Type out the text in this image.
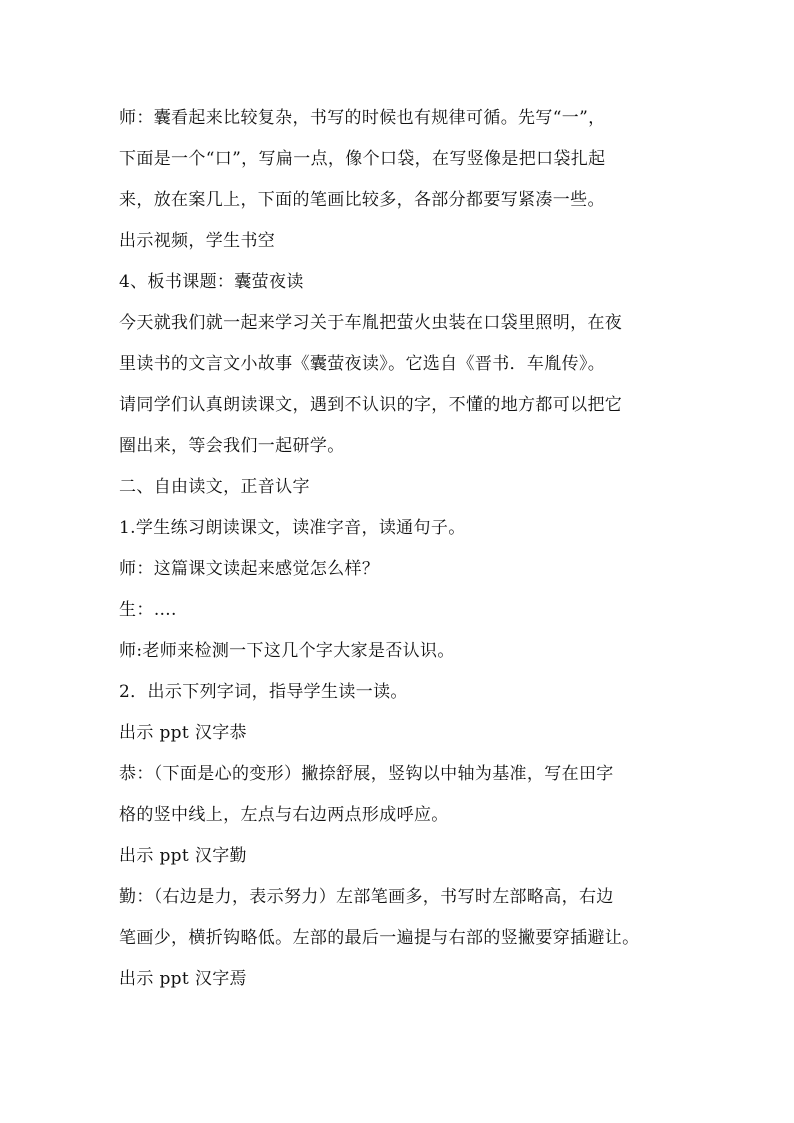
师：囊看起来比较复杂，书写的时候也有规律可循。先写“一”，
下面是一个“口”，写扁一点，像个口袋，在写竖像是把口袋扎起
来，放在案几上，下面的笔画比较多，各部分都要写紧凑一些。
出示视频，学生书空
4、板书课题：囊萤夜读
今天就我们就一起来学习关于车胤把萤火虫装在口袋里照明，在夜
里读书的文言文小故事《囊萤夜读》。它选自《晋书．车胤传》。
请同学们认真朗读课文，遇到不认识的字，不懂的地方都可以把它
圈出来，等会我们一起研学。
二、自由读文，正音认字
1.学生练习朗读课文，读准字音，读通句子。
师：这篇课文读起来感觉怎么样？
生：….
师:老师来检测一下这几个字大家是否认识。
2．出示下列字词，指导学生读一读。
出示 ppt 汉字恭
恭：（下面是心的变形）撇捺舒展，竖钩以中轴为基准，写在田字
格的竖中线上，左点与右边两点形成呼应。
出示 ppt 汉字勤
勤：（右边是力，表示努力）左部笔画多，书写时左部略高，右边
笔画少，横折钩略低。左部的最后一遍提与右部的竖撇要穿插避让。
出示 ppt 汉字焉
